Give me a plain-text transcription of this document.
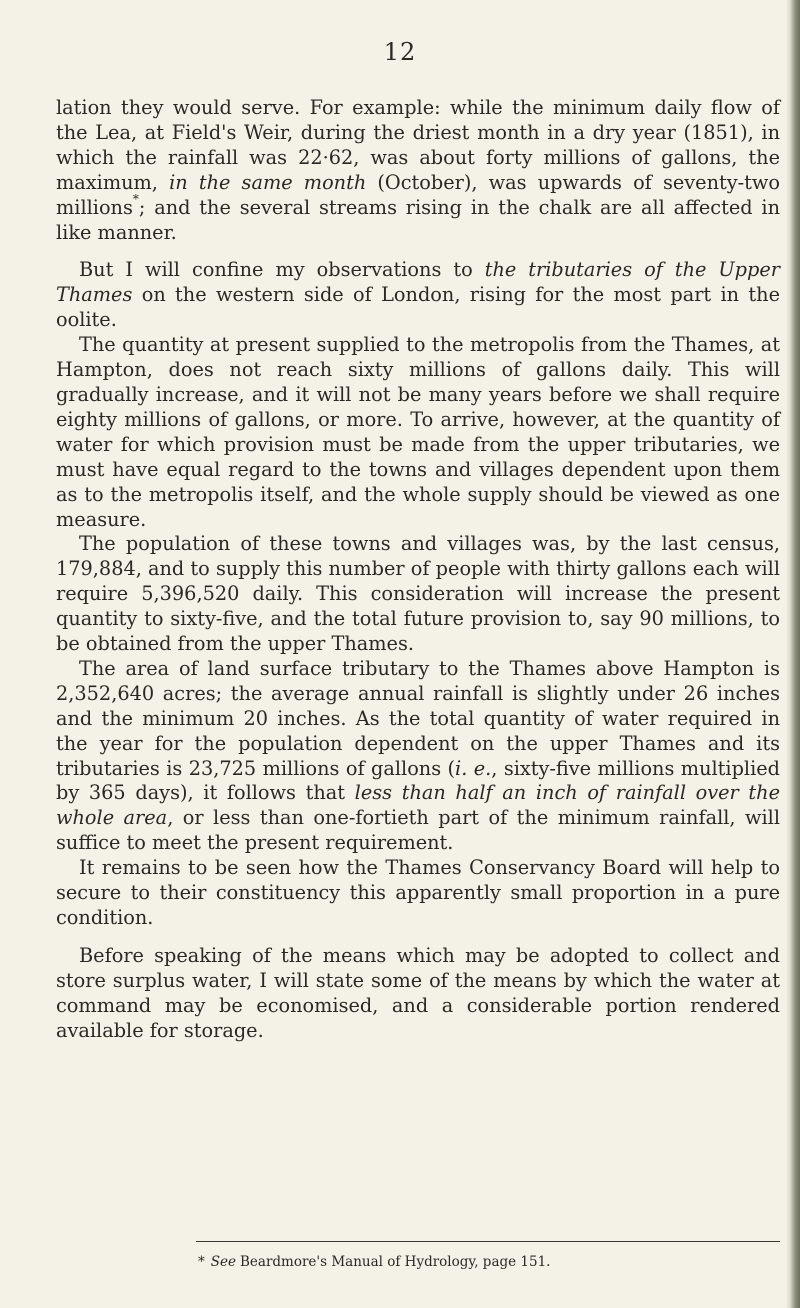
12

lation they would serve. For example: while the minimum daily flow of the Lea, at Field's Weir, during the driest month in a dry year (1851), in which the rainfall was 22·62, was about forty millions of gallons, the maximum, in the same month (October), was upwards of seventy-two millions*; and the several streams rising in the chalk are all affected in like manner.

But I will confine my observations to the tributaries of the Upper Thames on the western side of London, rising for the most part in the oolite.

The quantity at present supplied to the metropolis from the Thames, at Hampton, does not reach sixty millions of gallons daily. This will gradually increase, and it will not be many years before we shall require eighty millions of gallons, or more. To arrive, however, at the quantity of water for which provision must be made from the upper tributaries, we must have equal regard to the towns and villages dependent upon them as to the metropolis itself, and the whole supply should be viewed as one measure.

The population of these towns and villages was, by the last census, 179,884, and to supply this number of people with thirty gallons each will require 5,396,520 daily. This consideration will increase the present quantity to sixty-five, and the total future provision to, say 90 millions, to be obtained from the upper Thames.

The area of land surface tributary to the Thames above Hampton is 2,352,640 acres; the average annual rainfall is slightly under 26 inches and the minimum 20 inches. As the total quantity of water required in the year for the population dependent on the upper Thames and its tributaries is 23,725 millions of gallons (i. e., sixty-five millions multiplied by 365 days), it follows that less than half an inch of rainfall over the whole area, or less than one-fortieth part of the minimum rainfall, will suffice to meet the present requirement.

It remains to be seen how the Thames Conservancy Board will help to secure to their constituency this apparently small proportion in a pure condition.

Before speaking of the means which may be adopted to collect and store surplus water, I will state some of the means by which the water at command may be economised, and a considerable portion rendered available for storage.

* See Beardmore's Manual of Hydrology, page 151.
